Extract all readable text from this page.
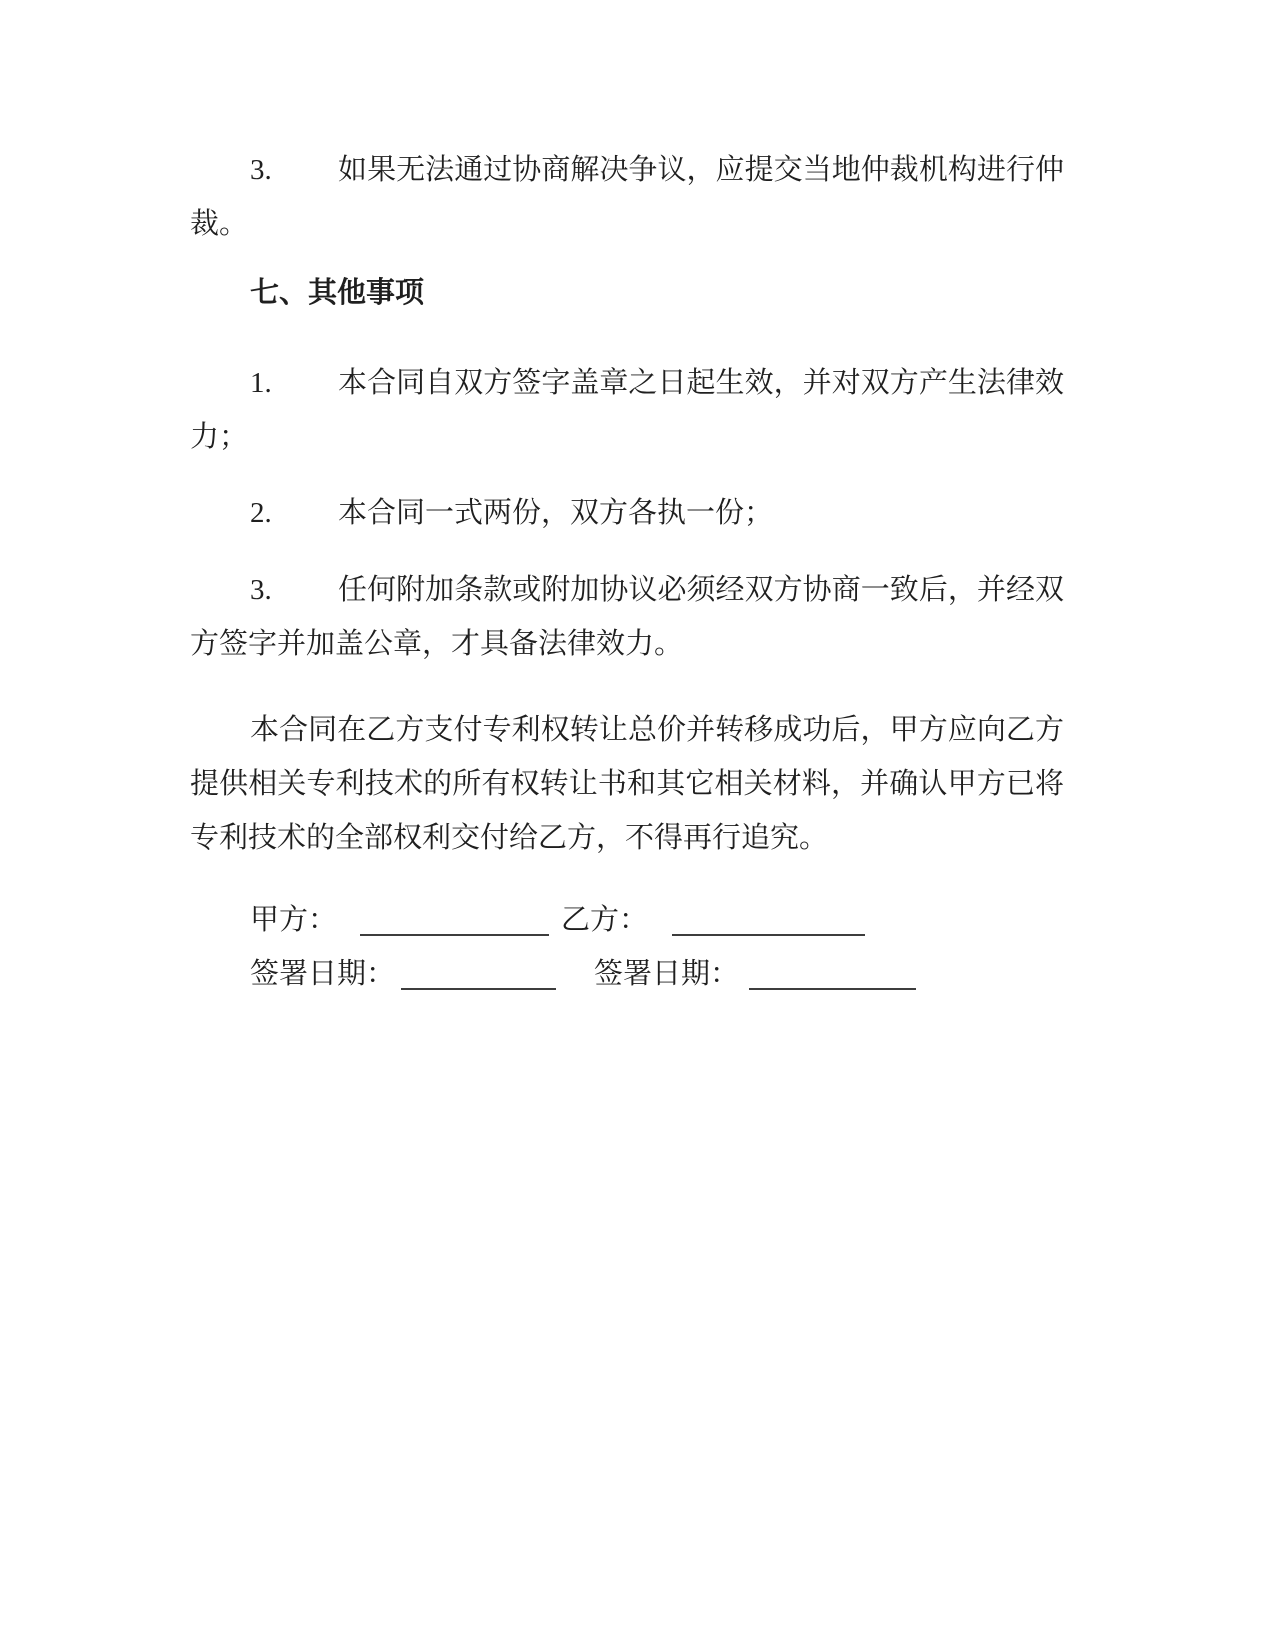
3. 如果无法通过协商解决争议，应提交当地仲裁机构进行仲裁。

七、其他事项

1. 本合同自双方签字盖章之日起生效，并对双方产生法律效力；

2. 本合同一式两份，双方各执一份；

3. 任何附加条款或附加协议必须经双方协商一致后，并经双方签字并加盖公章，才具备法律效力。

本合同在乙方支付专利权转让总价并转移成功后，甲方应向乙方提供相关专利技术的所有权转让书和其它相关材料，并确认甲方已将专利技术的全部权利交付给乙方，不得再行追究。

甲方：	乙方：

签署日期：	签署日期：
